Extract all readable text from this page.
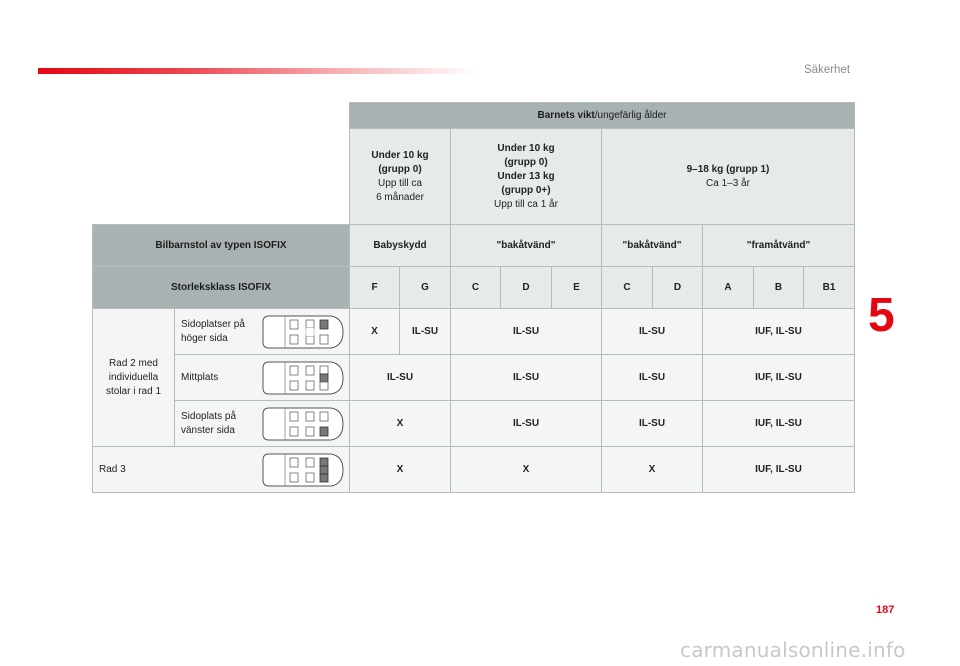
Säkerhet
5
		Barnets vikt/ungefärlig ålder									
		Under 10 kg
(grupp 0)
Upp till ca
6 månader		Under 10 kg
(grupp 0)
Under 13 kg
(grupp 0+)
Upp till ca 1 år			9–18 kg (grupp 1)
Ca 1–3 år				
Bilbarnstol av typen ISOFIX		Babyskydd		"bakåtvänd"			"bakåtvänd"		"framåtvänd"		
Storleksklass ISOFIX		F	G	C	D	E	C	D	A	B	B1
Rad 2 med
individuella
stolar i rad 1	Sidoplatser på
höger sida	X	IL-SU	IL-SU			IL-SU		IUF, IL-SU		

	Mittplats	IL-SU		IL-SU			IL-SU		IUF, IL-SU		

	Sidoplats på
vänster sida	X		IL-SU			IL-SU		IUF, IL-SU		
Rad 3		X		X			X		IUF, IL-SU		
187
carmanualsonline.info
